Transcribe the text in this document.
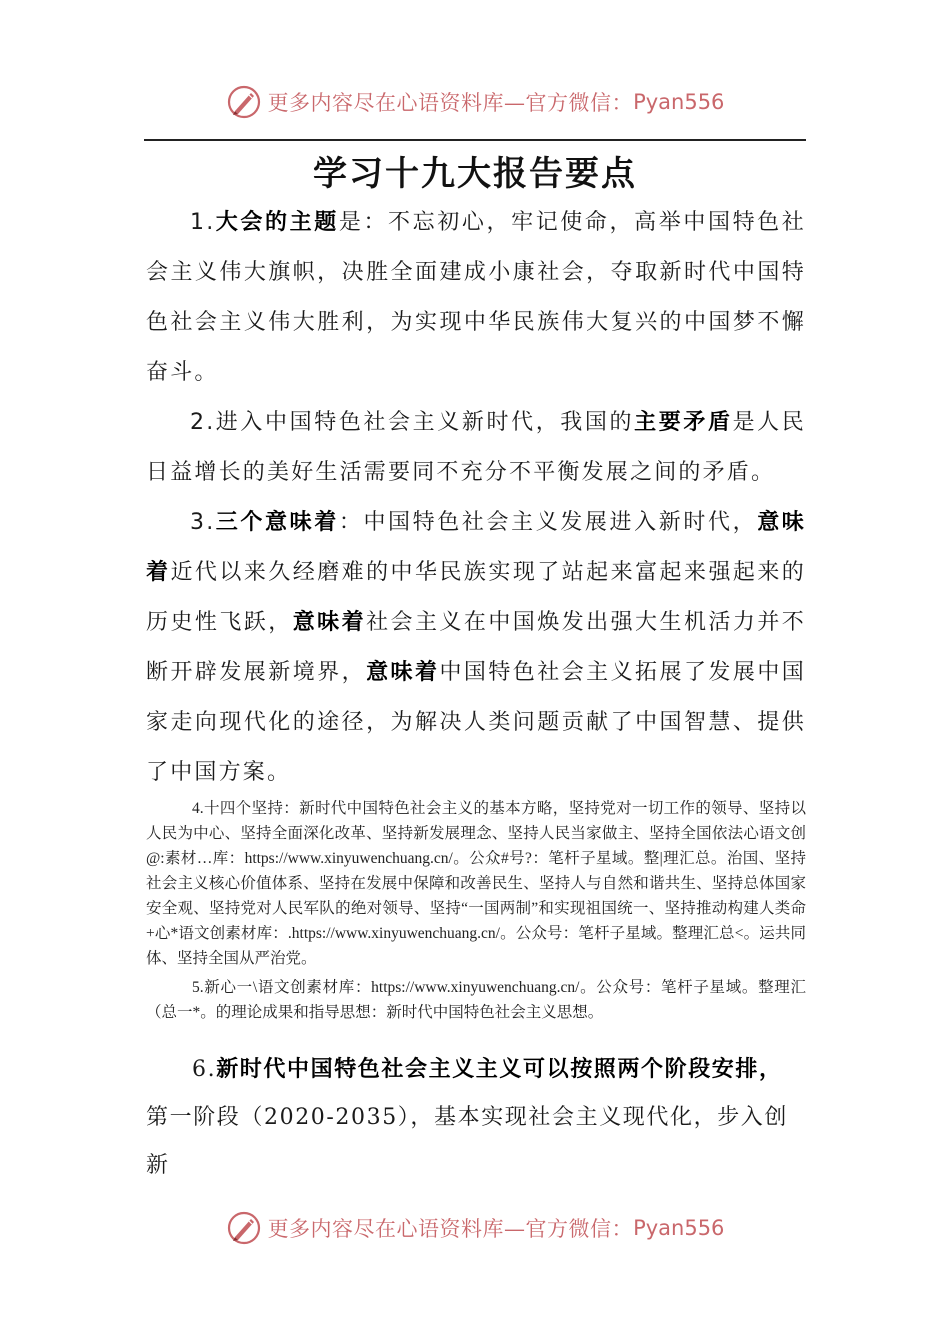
更多内容尽在心语资料库—官方微信： Pyan556
学习十九大报告要点

1.大会的主题是：不忘初心，牢记使命，高举中国特色社会主义伟大旗帜，决胜全面建成小康社会，夺取新时代中国特色社会主义伟大胜利，为实现中华民族伟大复兴的中国梦不懈奋斗。

2.进入中国特色社会主义新时代，我国的主要矛盾是人民日益增长的美好生活需要同不充分不平衡发展之间的矛盾。

3.三个意味着：中国特色社会主义发展进入新时代，意味着近代以来久经磨难的中华民族实现了站起来富起来强起来的历史性飞跃，意味着社会主义在中国焕发出强大生机活力并不断开辟发展新境界，意味着中国特色社会主义拓展了发展中国家走向现代化的途径，为解决人类问题贡献了中国智慧、提供了中国方案。

4.十四个坚持：新时代中国特色社会主义的基本方略，坚持党对一切工作的领导、坚持以人民为中心、坚持全面深化改革、坚持新发展理念、坚持人民当家做主、坚持全国依法心语文创@:素材…库：https://www.xinyuwenchuang.cn/。公众#号?：笔杆子星域。整|理汇总。治国、坚持社会主义核心价值体系、坚持在发展中保障和改善民生、坚持人与自然和谐共生、坚持总体国家安全观、坚持党对人民军队的绝对领导、坚持“一国两制”和实现祖国统一、坚持推动构建人类命+心*语文创素材库：.https://www.xinyuwenchuang.cn/。公众号：笔杆子星域。整理汇总<。运共同体、坚持全国从严治党。

5.新心一\语文创素材库：https://www.xinyuwenchuang.cn/。公众号：笔杆子星域。整理汇（总一*。的理论成果和指导思想：新时代中国特色社会主义思想。

6.新时代中国特色社会主义主义可以按照两个阶段安排，第一阶段（2020-2035），基本实现社会主义现代化，步入创新

更多内容尽在心语资料库—官方微信： Pyan556
